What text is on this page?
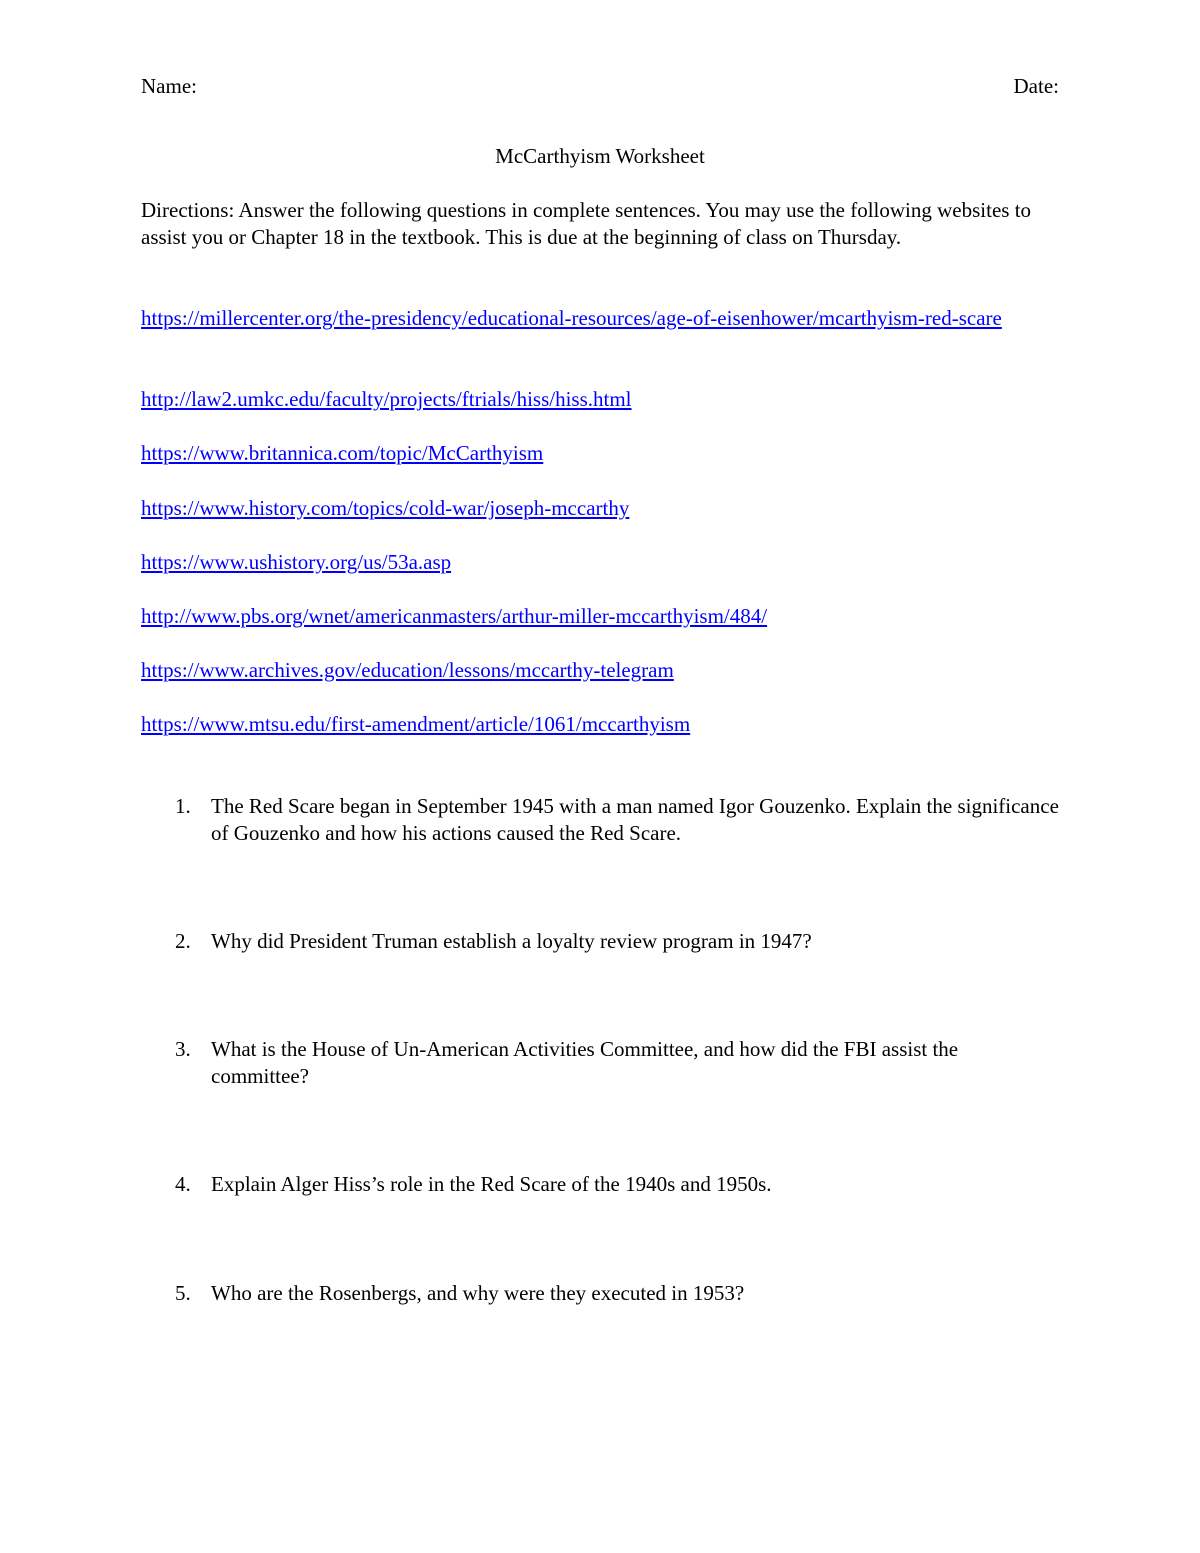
Name:	Date:
McCarthyism Worksheet
Directions: Answer the following questions in complete sentences. You may use the following websites to assist you or Chapter 18 in the textbook. This is due at the beginning of class on Thursday.
https://millercenter.org/the-presidency/educational-resources/age-of-eisenhower/mcarthyism-red-scare
http://law2.umkc.edu/faculty/projects/ftrials/hiss/hiss.html
https://www.britannica.com/topic/McCarthyism
https://www.history.com/topics/cold-war/joseph-mccarthy
https://www.ushistory.org/us/53a.asp
http://www.pbs.org/wnet/americanmasters/arthur-miller-mccarthyism/484/
https://www.archives.gov/education/lessons/mccarthy-telegram
https://www.mtsu.edu/first-amendment/article/1061/mccarthyism
1. The Red Scare began in September 1945 with a man named Igor Gouzenko. Explain the significance of Gouzenko and how his actions caused the Red Scare.
2. Why did President Truman establish a loyalty review program in 1947?
3. What is the House of Un-American Activities Committee, and how did the FBI assist the committee?
4. Explain Alger Hiss’s role in the Red Scare of the 1940s and 1950s.
5. Who are the Rosenbergs, and why were they executed in 1953?
